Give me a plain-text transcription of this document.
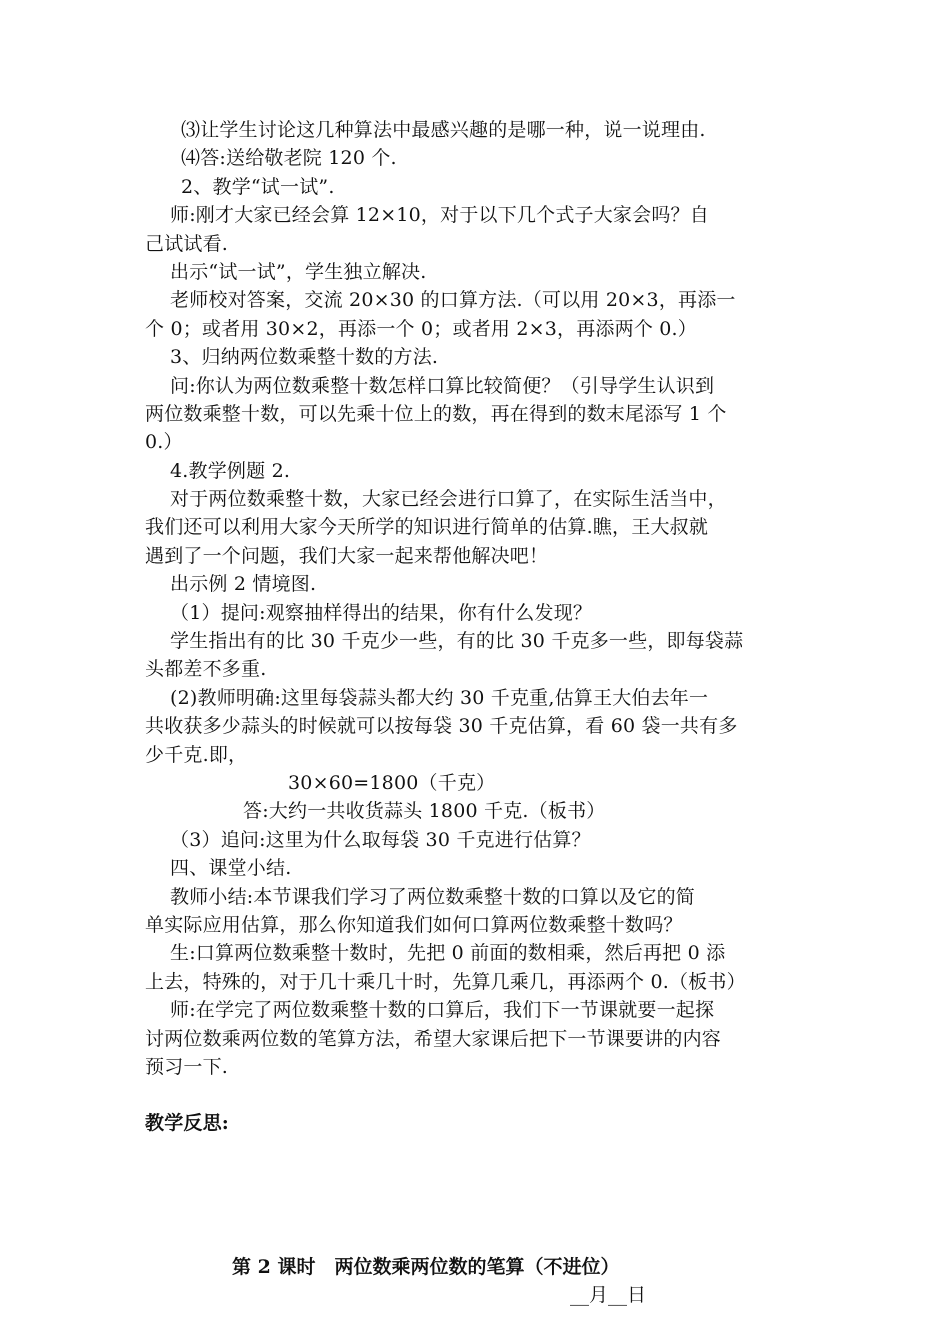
⑶让学生讨论这几种算法中最感兴趣的是哪一种，说一说理由.
⑷答:送给敬老院 120 个.
2、教学“试一试”.
师:刚才大家已经会算 12×10，对于以下几个式子大家会吗？自
己试试看.
出示“试一试”，学生独立解决.
老师校对答案，交流 20×30 的口算方法.（可以用 20×3，再添一
个 0；或者用 30×2，再添一个 0；或者用 2×3，再添两个 0.）
3、归纳两位数乘整十数的方法.
问:你认为两位数乘整十数怎样口算比较简便？（引导学生认识到
两位数乘整十数，可以先乘十位上的数，再在得到的数末尾添写 1 个
0.）
4.教学例题 2.
对于两位数乘整十数，大家已经会进行口算了，在实际生活当中，
我们还可以利用大家今天所学的知识进行简单的估算.瞧，王大叔就
遇到了一个问题，我们大家一起来帮他解决吧！
出示例 2 情境图.
（1）提问:观察抽样得出的结果，你有什么发现？
学生指出有的比 30 千克少一些，有的比 30 千克多一些，即每袋蒜
头都差不多重.
(2)教师明确:这里每袋蒜头都大约 30 千克重,估算王大伯去年一
共收获多少蒜头的时候就可以按每袋 30 千克估算，看 60 袋一共有多
少千克.即，
30×60=1800（千克）
答:大约一共收货蒜头 1800 千克.（板书）
（3）追问:这里为什么取每袋 30 千克进行估算？
四、课堂小结.
教师小结:本节课我们学习了两位数乘整十数的口算以及它的简
单实际应用估算，那么你知道我们如何口算两位数乘整十数吗？
生:口算两位数乘整十数时，先把 0 前面的数相乘，然后再把 0 添
上去，特殊的，对于几十乘几十时，先算几乘几，再添两个 0.（板书）
师:在学完了两位数乘整十数的口算后，我们下一节课就要一起探
讨两位数乘两位数的笔算方法，希望大家课后把下一节课要讲的内容
预习一下.
教学反思:
第 2 课时　两位数乘两位数的笔算（不进位）
__月__日
